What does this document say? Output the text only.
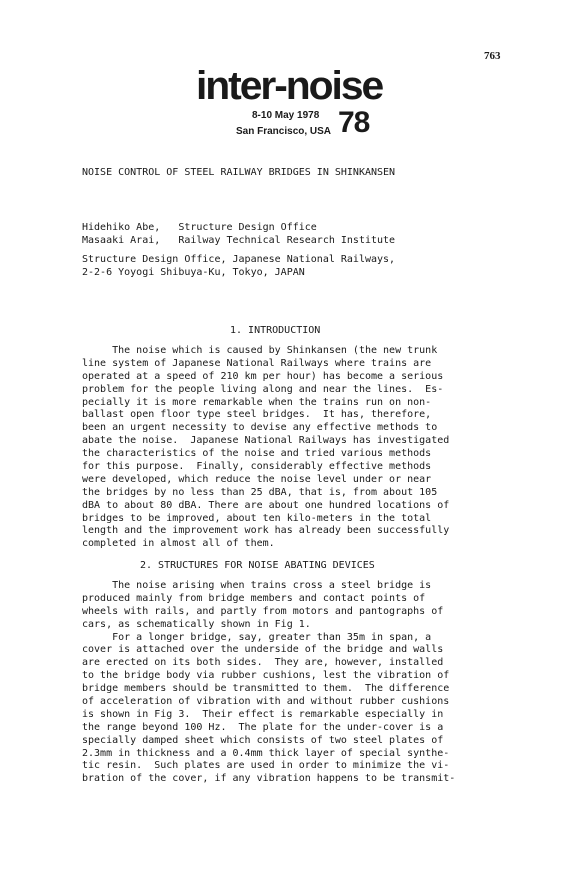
763
inter-noise
8-10 May 1978
San Francisco, USA 78
NOISE CONTROL OF STEEL RAILWAY BRIDGES IN SHINKANSEN
Hidehiko Abe,   Structure Design Office
Masaaki Arai,   Railway Technical Research Institute
Structure Design Office, Japanese National Railways,
2-2-6 Yoyogi Shibuya-Ku, Tokyo, JAPAN
1. INTRODUCTION
The noise which is caused by Shinkansen (the new trunk
line system of Japanese National Railways where trains are
operated at a speed of 210 km per hour) has become a serious
problem for the people living along and near the lines.  Es-
pecially it is more remarkable when the trains run on non-
ballast open floor type steel bridges.  It has, therefore,
been an urgent necessity to devise any effective methods to
abate the noise.  Japanese National Railways has investigated
the characteristics of the noise and tried various methods
for this purpose.  Finally, considerably effective methods
were developed, which reduce the noise level under or near
the bridges by no less than 25 dBA, that is, from about 105
dBA to about 80 dBA. There are about one hundred locations of
bridges to be improved, about ten kilo-meters in the total
length and the improvement work has already been successfully
completed in almost all of them.
2. STRUCTURES FOR NOISE ABATING DEVICES
The noise arising when trains cross a steel bridge is
produced mainly from bridge members and contact points of
wheels with rails, and partly from motors and pantographs of
cars, as schematically shown in Fig 1.
For a longer bridge, say, greater than 35m in span, a
cover is attached over the underside of the bridge and walls
are erected on its both sides.  They are, however, installed
to the bridge body via rubber cushions, lest the vibration of
bridge members should be transmitted to them.  The difference
of acceleration of vibration with and without rubber cushions
is shown in Fig 3.  Their effect is remarkable especially in
the range beyond 100 Hz.  The plate for the under-cover is a
specially damped sheet which consists of two steel plates of
2.3mm in thickness and a 0.4mm thick layer of special synthe-
tic resin.  Such plates are used in order to minimize the vi-
bration of the cover, if any vibration happens to be transmit-
